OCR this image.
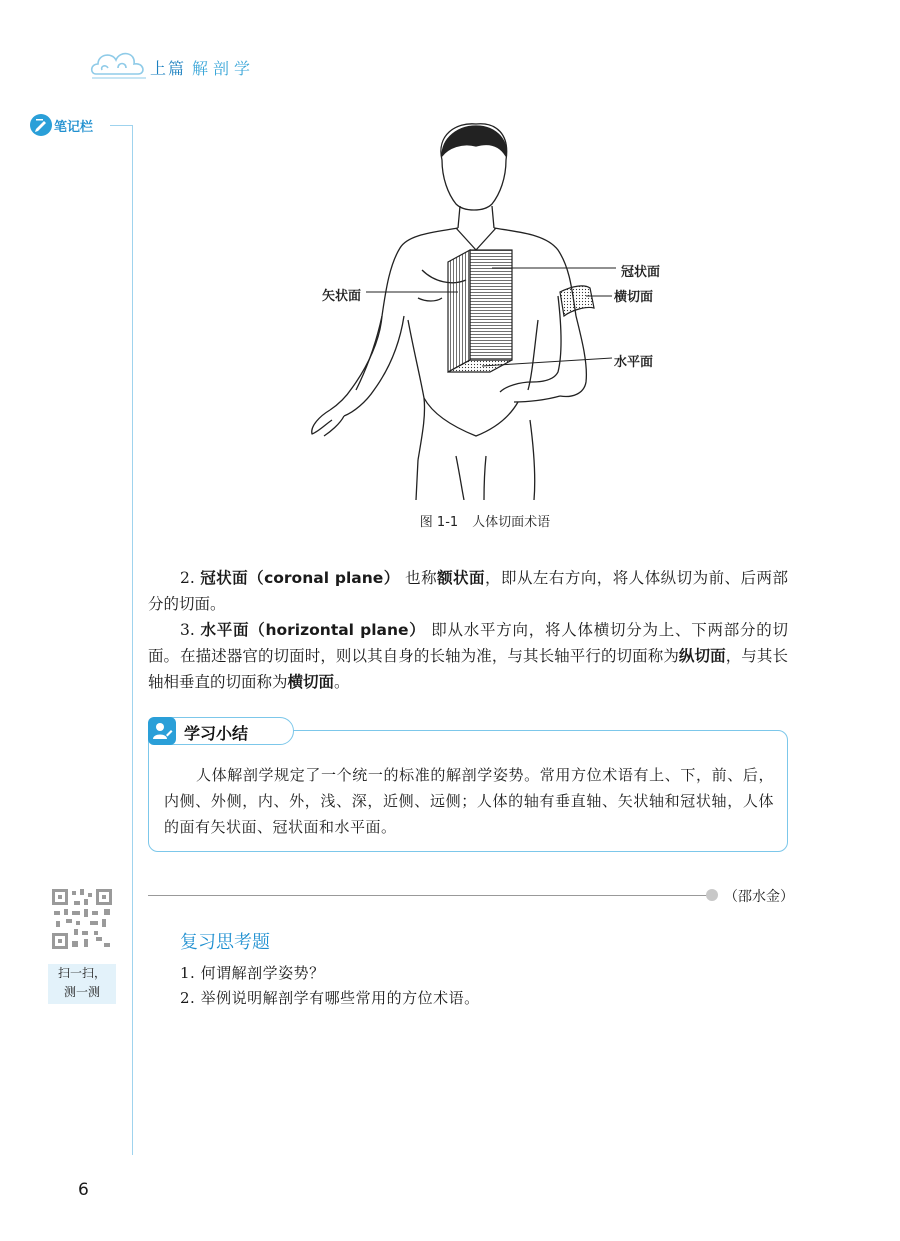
上篇 解剖学
笔记栏
冠状面
矢状面	横切面
水平面
图 1-1 人体切面术语
2. 冠状面（coronal plane） 也称额状面，即从左右方向，将人体纵切为前、后两部分的切面。
3. 水平面（horizontal plane） 即从水平方向，将人体横切分为上、下两部分的切面。 在描述器官的切面时，则以其自身的长轴为准，与其长轴平行的切面称为纵切面，与其长轴相垂直的切面称为横切面。
学习小结
人体解剖学规定了一个统一的标准的解剖学姿势。常用方位术语有上、下，前、后，内侧、外侧，内、外，浅、深，近侧、远侧；人体的轴有垂直轴、矢状轴和冠状轴，人体的面有矢状面、冠状面和水平面。
（邵水金）
扫一扫，
测一测
复习思考题
1. 何谓解剖学姿势？
2. 举例说明解剖学有哪些常用的方位术语。
6
